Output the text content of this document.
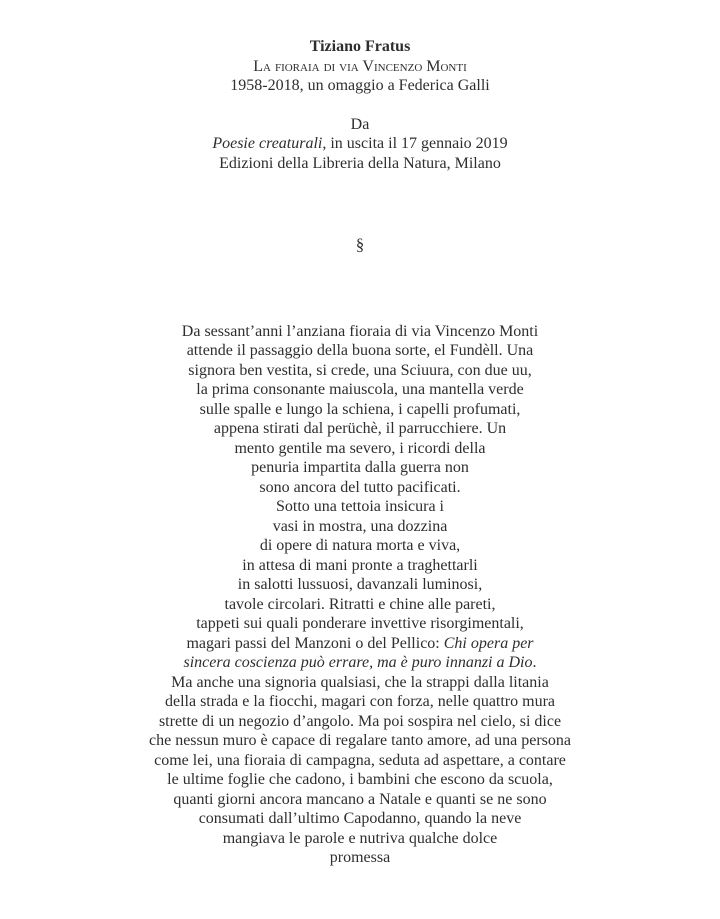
Tiziano Fratus
La fioraia di via Vincenzo Monti
1958-2018, un omaggio a Federica Galli
Da
Poesie creaturali, in uscita il 17 gennaio 2019
Edizioni della Libreria della Natura, Milano
§
Da sessant’anni l’anziana fioraia di via Vincenzo Monti
attende il passaggio della buona sorte, el Fundèll. Una
signora ben vestita, si crede, una Sciuura, con due uu,
la prima consonante maiuscola, una mantella verde
sulle spalle e lungo la schiena, i capelli profumati,
appena stirati dal perüchè, il parrucchiere. Un
mento gentile ma severo, i ricordi della
penuria impartita dalla guerra non
sono ancora del tutto pacificati.
Sotto una tettoia insicura i
vasi in mostra, una dozzina
di opere di natura morta e viva,
in attesa di mani pronte a traghettarli
in salotti lussuosi, davanzali luminosi,
tavole circolari. Ritratti e chine alle pareti,
tappeti sui quali ponderare invettive risorgimentali,
magari passi del Manzoni o del Pellico: Chi opera per
sincera coscienza può errare, ma è puro innanzi a Dio.
Ma anche una signoria qualsiasi, che la strappi dalla litania
della strada e la fiocchi, magari con forza, nelle quattro mura
strette di un negozio d’angolo. Ma poi sospira nel cielo, si dice
che nessun muro è capace di regalare tanto amore, ad una persona
come lei, una fioraia di campagna, seduta ad aspettare, a contare
le ultime foglie che cadono, i bambini che escono da scuola,
quanti giorni ancora mancano a Natale e quanti se ne sono
consumati dall’ultimo Capodanno, quando la neve
mangiava le parole e nutriva qualche dolce
promessa
